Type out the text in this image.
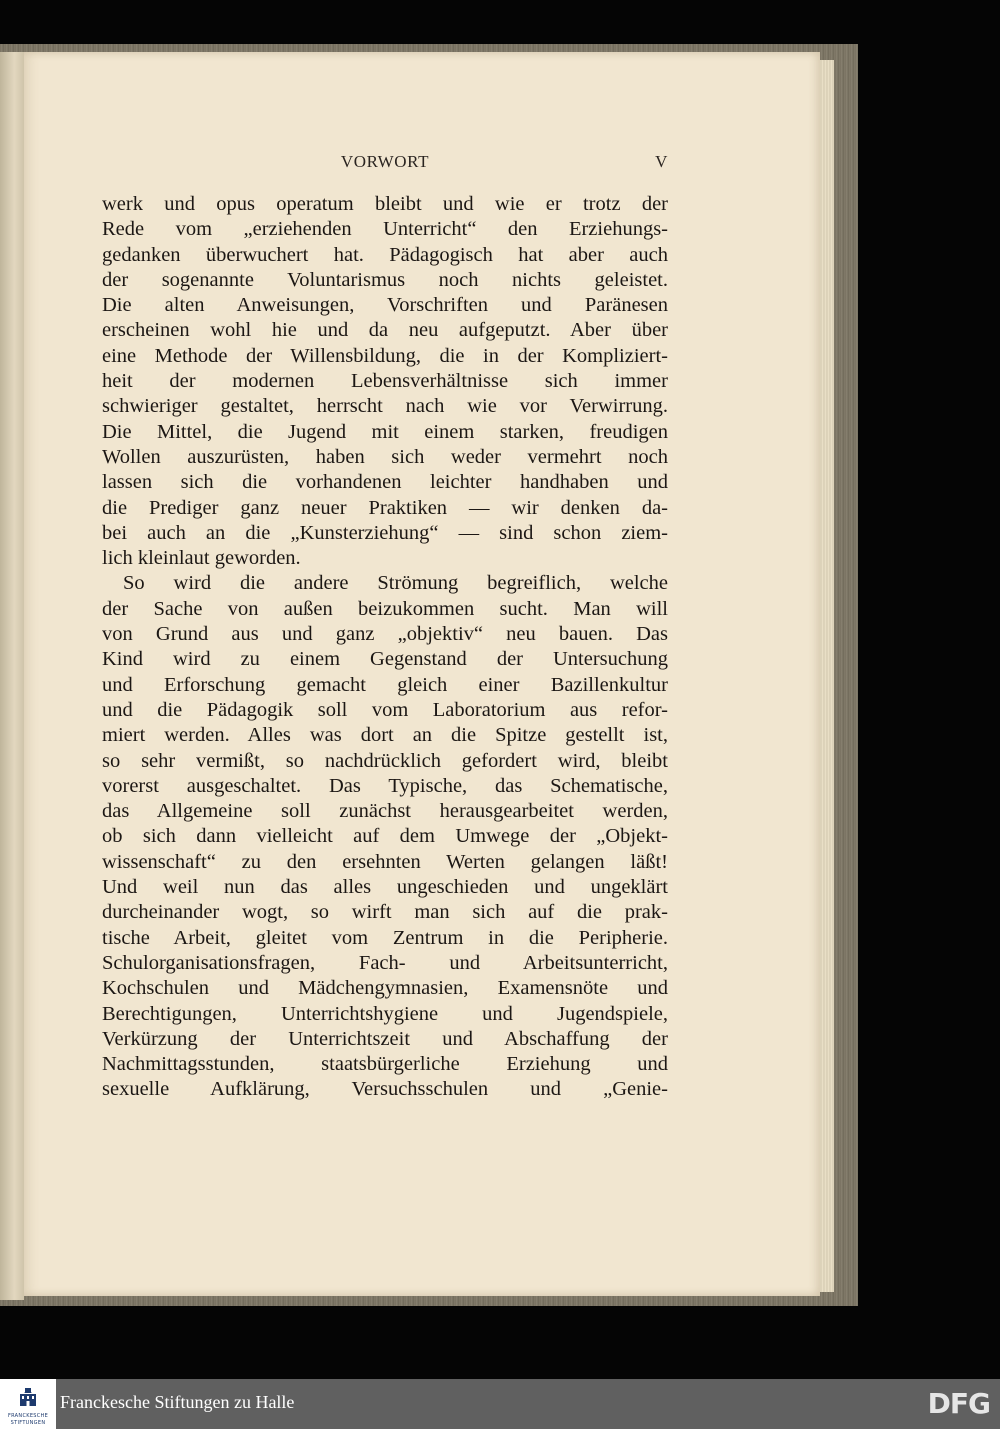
VORWORT	V
werk und opus operatum bleibt und wie er trotz der
Rede vom „erziehenden Unterricht“ den Erziehungs-
gedanken überwuchert hat. Pädagogisch hat aber auch
der sogenannte Voluntarismus noch nichts geleistet.
Die alten Anweisungen, Vorschriften und Paränesen
erscheinen wohl hie und da neu aufgeputzt. Aber über
eine Methode der Willensbildung, die in der Kompliziert-
heit der modernen Lebensverhältnisse sich immer
schwieriger gestaltet, herrscht nach wie vor Verwirrung.
Die Mittel, die Jugend mit einem starken, freudigen
Wollen auszurüsten, haben sich weder vermehrt noch
lassen sich die vorhandenen leichter handhaben und
die Prediger ganz neuer Praktiken — wir denken da-
bei auch an die „Kunsterziehung“ — sind schon ziem-
lich kleinlaut geworden.
So wird die andere Strömung begreiflich, welche
der Sache von außen beizukommen sucht. Man will
von Grund aus und ganz „objektiv“ neu bauen. Das
Kind wird zu einem Gegenstand der Untersuchung
und Erforschung gemacht gleich einer Bazillenkultur
und die Pädagogik soll vom Laboratorium aus refor-
miert werden. Alles was dort an die Spitze gestellt ist,
so sehr vermißt, so nachdrücklich gefordert wird, bleibt
vorerst ausgeschaltet. Das Typische, das Schematische,
das Allgemeine soll zunächst herausgearbeitet werden,
ob sich dann vielleicht auf dem Umwege der „Objekt-
wissenschaft“ zu den ersehnten Werten gelangen läßt!
Und weil nun das alles ungeschieden und ungeklärt
durcheinander wogt, so wirft man sich auf die prak-
tische Arbeit, gleitet vom Zentrum in die Peripherie.
Schulorganisationsfragen, Fach- und Arbeitsunterricht,
Kochschulen und Mädchengymnasien, Examensnöte und
Berechtigungen, Unterrichtshygiene und Jugendspiele,
Verkürzung der Unterrichtszeit und Abschaffung der
Nachmittagsstunden, staatsbürgerliche Erziehung und
sexuelle Aufklärung, Versuchsschulen und „Genie-
FRANCKESCHE
STIFTUNGEN
Franckesche Stiftungen zu Halle	DFG
